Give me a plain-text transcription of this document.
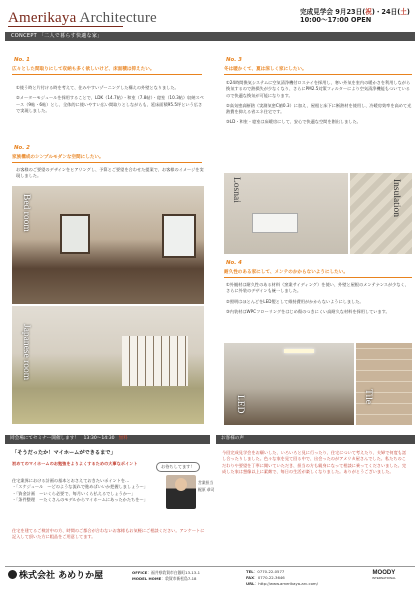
Amerikaya Architecture	完成見学会 9月23日(祝)・24日(土)
10:00～17:00 OPEN
CONCEPT 「二人で暮らす快適な家」
No. 1
広々とした間取りにして収納も多く欲しいけど、床面積は抑えたい。
①使う時と片付ける時を考えて、住みやすいゾーニングした構えの外壁となりました。
②メーターモジュールを採用することで、LDK（14.7帖）・和室（7.8帖）・寝室（10.3帖）収納スペース（9帖・6帖）とし、全体的に使いやすい広い間取りとしながらも、延床面積95.5坪という広さで実現しました。
No. 2
家族構成のシンプルモダンな空間にしたい。
お客様のご要望のデザインをヒアリングし、予算とご要望を合わせた提案で、お客様のイメージを実現しました。
Bed room
Japanese room
No. 3
冬は暖かくて、夏は涼しく家にしたい。
①24時間換気システムに空気清浄機付ロスナイを採用し、寒い外気を室内の暖かさを利用しながら換気するので熱損失が少なくなり、さらにPM2.5対策フィルターにより空気清浄機能もついているので快適な換気が可能になります。
②高気密高断熱（実測気密C値0.3）に加え、屋根と床下に断熱材を使用し、冷暖房効率を高めて光熱費を抑える省エネ住宅です。
③LD・和室・寝室は床暖房にして、安心で快適な空間を創出しました。
Losnai	Insulation
No. 4
耐久性のある家にして、メンテのかからないようにしたい。
①外観材は耐久性のある材料（窯業サイディング）を使い、外壁と屋根のメンテナンスが少なく、さらに外装のデザインも統一しました。
②照明はほとんどをLED製として維持費用がかからないようにしました。
③内装材はWPCフローリングをはじめ傷のつきにくい高耐久な材料を採用しています。
LED	Tile
同会場にてセミナー開催します！　13:30～14:30 無料
「そうだったか！マイホームができるまで」
初めてのマイホームのお勉強をよりよくするための大事なポイント
お待ちしてます！
住宅業界における計画の基本とおさえておきたいポイントを…
・「スケジュール　〜どのような流れで進めばいいか把握しましょう〜」
・「資金計画　〜いくら必要で、毎月いくら払えるでしょうか〜」
・「条件整理　〜たくさんのモデルからマイホームにあったかたちを〜」
営業担当
梶原 恭司
住宅を建てるご検討中の方、時間のご都合が合わないお客様もお気軽にご相談ください。アンケートに記入して頂いた方に粗品をご用意してます。
お客様の声
今回完成見学会をお願いした、いろいろと見に行ったり、住宅について考えたり、夫婦で何度も話し合ったりしました。色々な家を見て回る中で、出会ったのがアメリカ屋さんでした。私たちのこだわりや要望を丁寧に聞いていただき、担当の方も親身になって相談に乗ってくださいました。完成した家は想像以上に素敵で、毎日の生活が楽しくなりました。ありがとうございました。
株式会社 あめりか屋	OFFICE：福井県敦賀市白銀町13-13-1
MODEL HOME：敦賀市新松島7-18
TEL：0770-22-0577
FAX：0770-22-3646
URL：http://www.amerikaya-arc.com/
MOODY
INTERNATIONAL
